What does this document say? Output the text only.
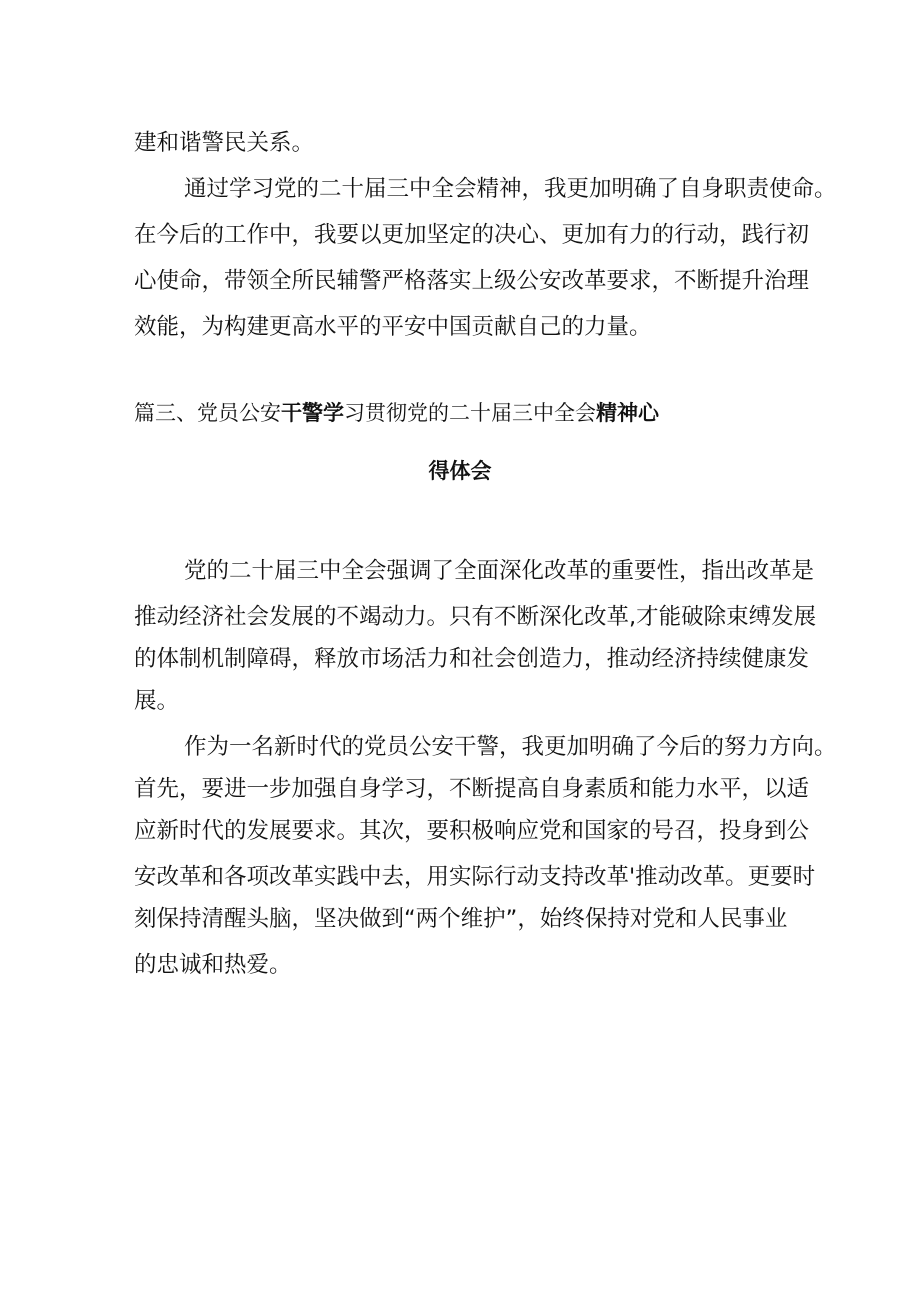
建和谐警民关系。
通过学习党的二十届三中全会精神，我更加明确了自身职责使命。
在今后的工作中，我要以更加坚定的决心、更加有力的行动，践行初
心使命，带领全所民辅警严格落实上级公安改革要求，不断提升治理
效能，为构建更高水平的平安中国贡献自己的力量。
篇三、党员公安干警学习贯彻党的二十届三中全会精神心
得体会
党的二十届三中全会强调了全面深化改革的重要性，指出改革是
推动经济社会发展的不竭动力。只有不断深化改革,才能破除束缚发展
的体制机制障碍，释放市场活力和社会创造力，推动经济持续健康发
展。
作为一名新时代的党员公安干警，我更加明确了今后的努力方向。
首先，要进一步加强自身学习，不断提高自身素质和能力水平，以适
应新时代的发展要求。其次，要积极响应党和国家的号召，投身到公
安改革和各项改革实践中去，用实际行动支持改革'推动改革。更要时
刻保持清醒头脑，坚决做到“两个维护”，始终保持对党和人民事业
的忠诚和热爱。
